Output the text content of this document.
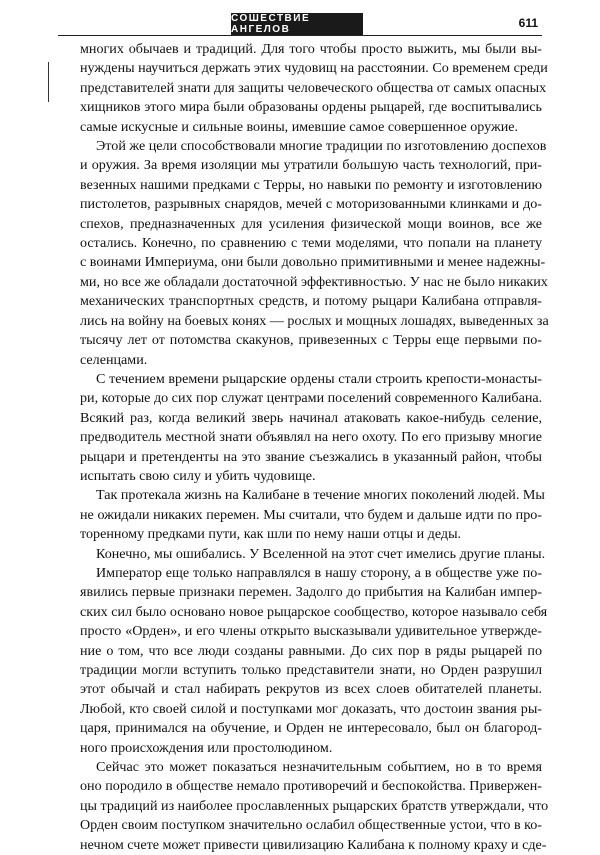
СОШЕСТВИЕ АНГЕЛОВ	611

многих обычаев и традиций. Для того чтобы просто выжить, мы были вы-

нуждены научиться держать этих чудовищ на расстоянии. Со временем среди

представителей знати для защиты человеческого общества от самых опасных

хищников этого мира были образованы ордены рыцарей, где воспитывались

самые искусные и сильные воины, имевшие самое совершенное оружие.

Этой же цели способствовали многие традиции по изготовлению доспехов

и оружия. За время изоляции мы утратили большую часть технологий, при-

везенных нашими предками с Терры, но навыки по ремонту и изготовлению

пистолетов, разрывных снарядов, мечей с моторизованными клинками и до-

спехов, предназначенных для усиления физической мощи воинов, все же

остались. Конечно, по сравнению с теми моделями, что попали на планету

с воинами Империума, они были довольно примитивными и менее надежны-

ми, но все же обладали достаточной эффективностью. У нас не было никаких

механических транспортных средств, и потому рыцари Калибана отправля-

лись на войну на боевых конях — рослых и мощных лошадях, выведенных за

тысячу лет от потомства скакунов, привезенных с Терры еще первыми по-

селенцами.

С течением времени рыцарские ордены стали строить крепости-монасты-

ри, которые до сих пор служат центрами поселений современного Калибана.

Всякий раз, когда великий зверь начинал атаковать какое-нибудь селение,

предводитель местной знати объявлял на него охоту. По его призыву многие

рыцари и претенденты на это звание съезжались в указанный район, чтобы

испытать свою силу и убить чудовище.

Так протекала жизнь на Калибане в течение многих поколений людей. Мы

не ожидали никаких перемен. Мы считали, что будем и дальше идти по про-

торенному предками пути, как шли по нему наши отцы и деды.

Конечно, мы ошибались. У Вселенной на этот счет имелись другие планы.

Император еще только направлялся в нашу сторону, а в обществе уже по-

явились первые признаки перемен. Задолго до прибытия на Калибан импер-

ских сил было основано новое рыцарское сообщество, которое называло себя

просто «Орден», и его члены открыто высказывали удивительное утвержде-

ние о том, что все люди созданы равными. До сих пор в ряды рыцарей по

традиции могли вступить только представители знати, но Орден разрушил

этот обычай и стал набирать рекрутов из всех слоев обитателей планеты.

Любой, кто своей силой и поступками мог доказать, что достоин звания ры-

царя, принимался на обучение, и Орден не интересовало, был он благород-

ного происхождения или простолюдином.

Сейчас это может показаться незначительным событием, но в то время

оно породило в обществе немало противоречий и беспокойства. Привержен-

цы традиций из наиболее прославленных рыцарских братств утверждали, что

Орден своим поступком значительно ослабил общественные устои, что в ко-

нечном счете может привести цивилизацию Калибана к полному краху и сде-
